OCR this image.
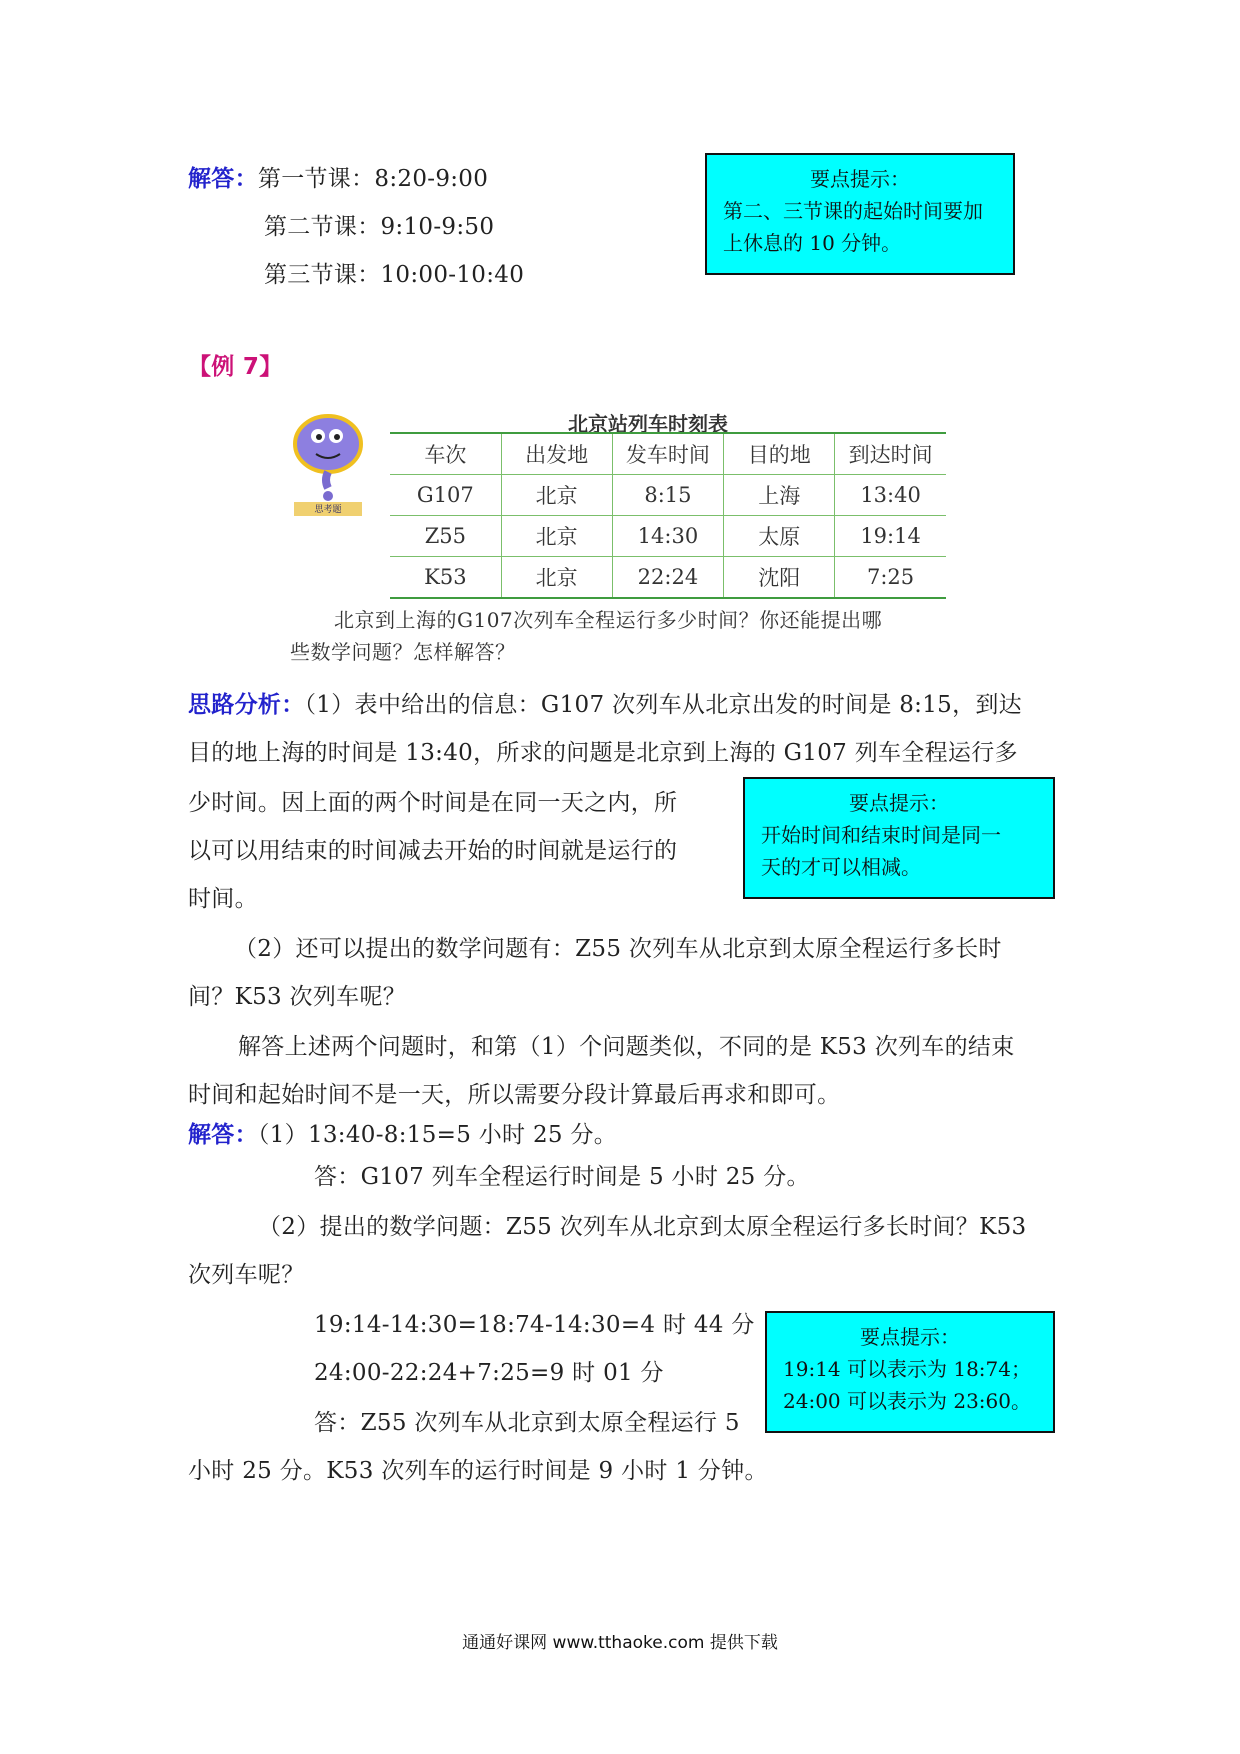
解答：第一节课：8:20-9:00
第二节课：9:10-9:50
第三节课：10:00-10:40
要点提示：
第二、三节课的起始时间要加
上休息的 10 分钟。
【例 7】
思考题
北京站列车时刻表
车次	出发地	发车时间	目的地	到达时间
G107	北京	8:15	上海	13:40
Z55	北京	14:30	太原	19:14
K53	北京	22:24	沈阳	7:25
北京到上海的G107次列车全程运行多少时间？你还能提出哪
些数学问题？怎样解答？
思路分析：（1）表中给出的信息：G107 次列车从北京出发的时间是 8:15，到达
目的地上海的时间是 13:40，所求的问题是北京到上海的 G107 列车全程运行多
少时间。因上面的两个时间是在同一天之内，所
以可以用结束的时间减去开始的时间就是运行的
时间。
要点提示：
开始时间和结束时间是同一
天的才可以相减。
（2）还可以提出的数学问题有：Z55 次列车从北京到太原全程运行多长时
间？K53 次列车呢？
解答上述两个问题时，和第（1）个问题类似，不同的是 K53 次列车的结束
时间和起始时间不是一天，所以需要分段计算最后再求和即可。
解答：（1）13:40-8:15=5 小时 25 分。
答：G107 列车全程运行时间是 5 小时 25 分。
（2）提出的数学问题：Z55 次列车从北京到太原全程运行多长时间？K53
次列车呢？
19:14-14:30=18:74-14:30=4 时 44 分
24:00-22:24+7:25=9 时 01 分
答：Z55 次列车从北京到太原全程运行 5
小时 25 分。K53 次列车的运行时间是 9 小时 1 分钟。
要点提示：
19:14 可以表示为 18:74；
24:00 可以表示为 23:60。
通通好课网 www.tthaoke.com 提供下载
